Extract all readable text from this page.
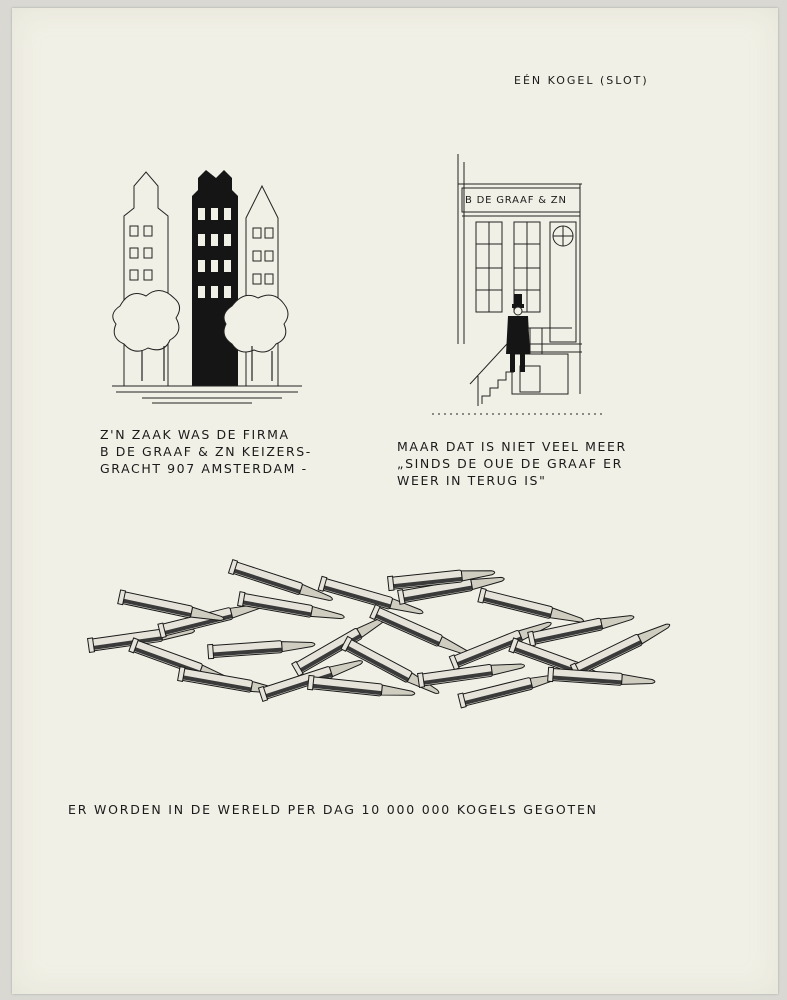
EÉN KOGEL (SLOT)
B DE GRAAF & ZN
Z'N ZAAK WAS DE FIRMA
B DE GRAAF & ZN KEIZERS-
GRACHT 907 AMSTERDAM -
MAAR DAT IS NIET VEEL MEER
„SINDS DE OUE DE GRAAF ER
WEER IN TERUG IS"
ER WORDEN IN DE WERELD PER DAG 10 000 000 KOGELS GEGOTEN
